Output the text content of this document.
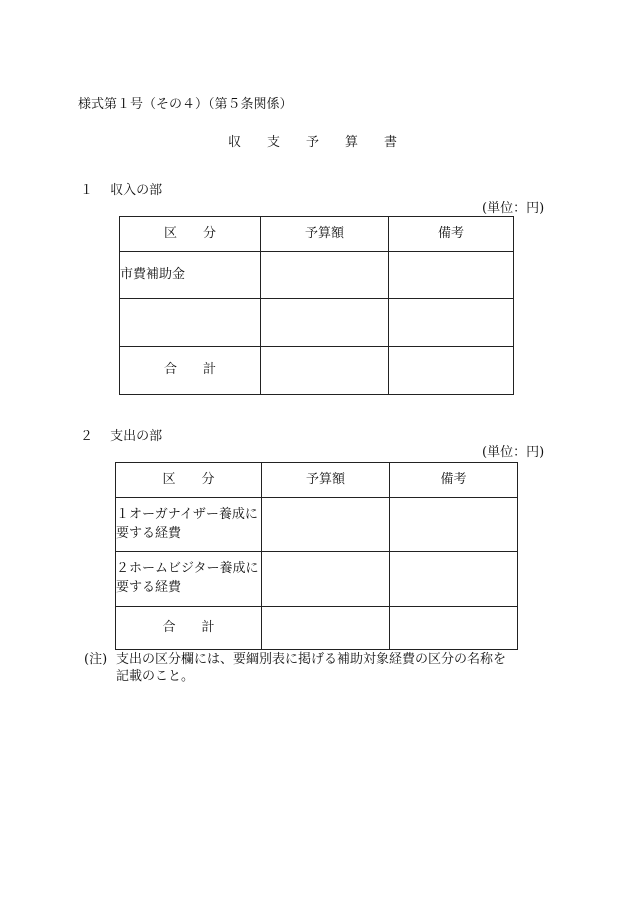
様式第１号（その４）（第５条関係）
収　　支　　予　　算　　書
１　 収入の部
(単位：円)
区　　分	予算額	備考
市費補助金		

合　　計		
２　 支出の部
(単位：円)
区　　分	予算額	備考
１オーガナイザー養成に要する経費		
２ホームビジター養成に要する経費		
合　　計		
(注) 支出の区分欄には、要綱別表に掲げる補助対象経費の区分の名称を
記載のこと。
